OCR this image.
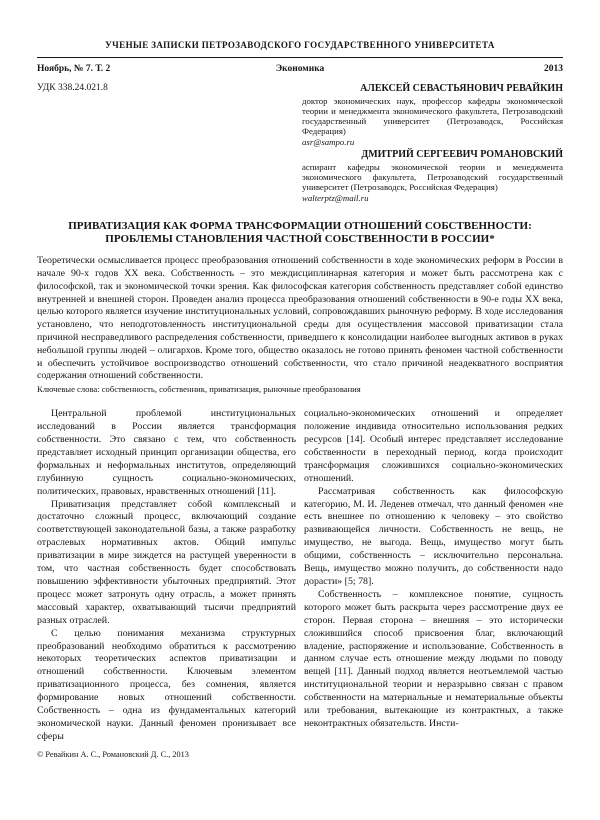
УЧЕНЫЕ ЗАПИСКИ ПЕТРОЗАВОДСКОГО ГОСУДАРСТВЕННОГО УНИВЕРСИТЕТА
Ноябрь, № 7. Т. 2	Экономика	2013
УДК 338.24.021.8	АЛЕКСЕЙ СЕВАСТЬЯНОВИЧ РЕВАЙКИН
доктор экономических наук, профессор кафедры экономической теории и менеджмента экономического факультета, Петрозаводский государственный университет (Петрозаводск, Российская Федерация)
asr@sampo.ru
ДМИТРИЙ СЕРГЕЕВИЧ РОМАНОВСКИЙ
аспирант кафедры экономической теории и менеджмента экономического факультета, Петрозаводский государственный университет (Петрозаводск, Российская Федерация)
walterptz@mail.ru
ПРИВАТИЗАЦИЯ КАК ФОРМА ТРАНСФОРМАЦИИ ОТНОШЕНИЙ СОБСТВЕННОСТИ: ПРОБЛЕМЫ СТАНОВЛЕНИЯ ЧАСТНОЙ СОБСТВЕННОСТИ В РОССИИ*
Теоретически осмысливается процесс преобразования отношений собственности в ходе экономических реформ в России в начале 90-х годов XX века. Собственность – это междисциплинарная категория и может быть рассмотрена как с философской, так и экономической точки зрения. Как философская категория собственность представляет собой единство внутренней и внешней сторон. Проведен анализ процесса преобразования отношений собственности в 90-е годы XX века, целью которого является изучение институциональных условий, сопровождавших рыночную реформу. В ходе исследования установлено, что неподготовленность институциональной среды для осуществления массовой приватизации стала причиной несправедливого распределения собственности, приведшего к консолидации наиболее выгодных активов в руках небольшой группы людей – олигархов. Кроме того, общество оказалось не готово принять феномен частной собственности и обеспечить устойчивое воспроизводство отношений собственности, что стало причиной неадекватного восприятия содержания отношений собственности.
Ключевые слова: собственность, собственник, приватизация, рыночные преобразования

Центральной проблемой институциональных исследований в России является трансформация собственности. Это связано с тем, что собственность представляет исходный принцип организации общества, его формальных и неформальных институтов, определяющий глубинную сущность социально-экономических, политических, правовых, нравственных отношений [11].

Приватизация представляет собой комплексный и достаточно сложный процесс, включающий создание соответствующей законодательной базы, а также разработку отраслевых нормативных актов. Общий импульс приватизации в мире зиждется на растущей уверенности в том, что частная собственность будет способствовать повышению эффективности убыточных предприятий. Этот процесс может затронуть одну отрасль, а может принять массовый характер, охватывающий тысячи предприятий разных отраслей.

С целью понимания механизма структурных преобразований необходимо обратиться к рассмотрению некоторых теоретических аспектов приватизации и отношений собственности. Ключевым элементом приватизационного процесса, без сомнения, является формирование новых отношений собственности. Собственность – одна из фундаментальных категорий экономической науки. Данный феномен пронизывает все сферы

© Ревайкин А. С., Романовский Д. С., 2013

социально-экономических отношений и определяет положение индивида относительно использования редких ресурсов [14]. Особый интерес представляет исследование собственности в переходный период, когда происходит трансформация сложившихся социально-экономических отношений.

Рассматривая собственность как философскую категорию, М. И. Леденев отмечал, что данный феномен «не есть внешнее по отношению к человеку – это свойство развивающейся личности. Собственность не вещь, не имущество, не выгода. Вещь, имущество могут быть общими, собственность – исключительно персональна. Вещь, имущество можно получить, до собственности надо дорасти» [5; 78].

Собственность – комплексное понятие, сущность которого может быть раскрыта через рассмотрение двух ее сторон. Первая сторона – внешняя – это исторически сложившийся способ присвоения благ, включающий владение, распоряжение и использование. Собственность в данном случае есть отношение между людьми по поводу вещей [11]. Данный подход является неотъемлемой частью институциональной теории и неразрывно связан с правом собственности на материальные и нематериальные объекты или требования, вытекающие из контрактных, а также неконтрактных обязательств. Инсти-
